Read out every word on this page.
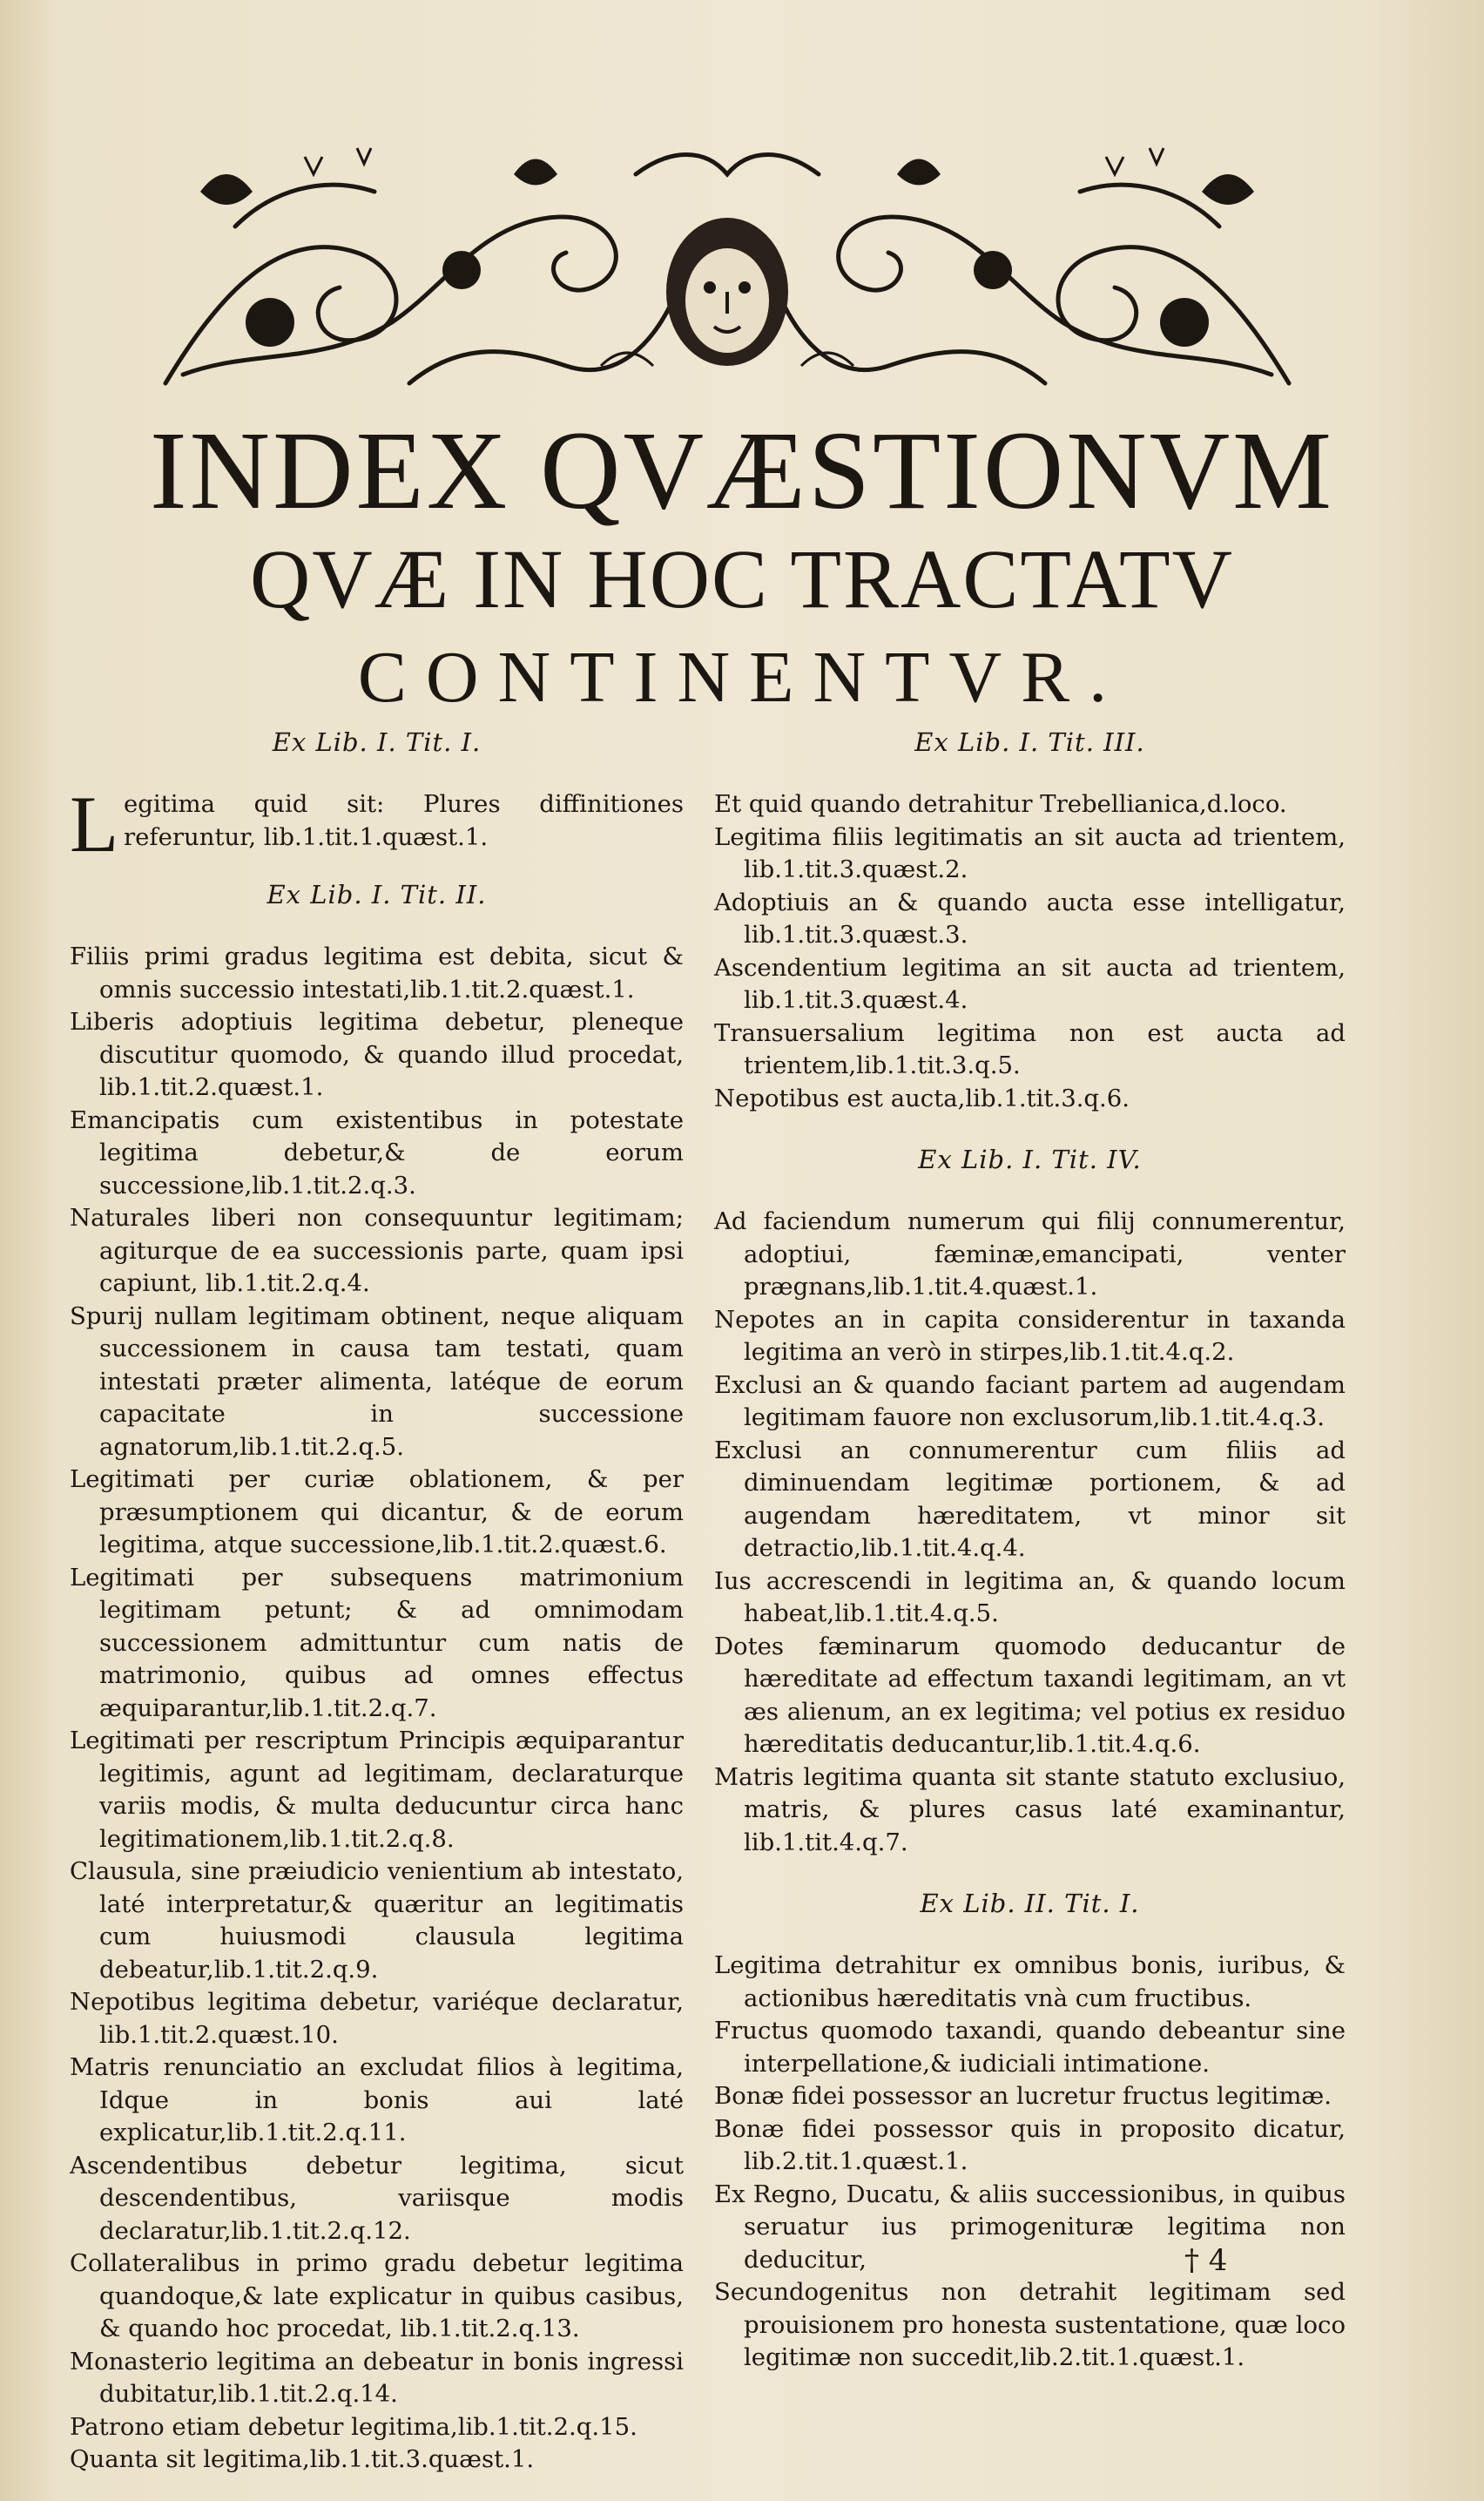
INDEX QVÆSTIONVM
QVÆ IN HOC TRACTATV
CONTINENTVR.
Ex Lib. I. Tit. I.

L egitima quid sit: Plures diffinitiones referuntur, lib.1.tit.1.quæst.1.

Ex Lib. I. Tit. II.

Filiis primi gradus legitima est debita, sicut & omnis successio intestati,lib.1.tit.2.quæst.1.

Liberis adoptiuis legitima debetur, pleneque discutitur quomodo, & quando illud procedat, lib.1.tit.2.quæst.1.

Emancipatis cum existentibus in potestate legitima debetur,& de eorum successione,lib.1.tit.2.q.3.

Naturales liberi non consequuntur legitimam; agiturque de ea successionis parte, quam ipsi capiunt, lib.1.tit.2.q.4.

Spurij nullam legitimam obtinent, neque aliquam successionem in causa tam testati, quam intestati præter alimenta, latéque de eorum capacitate in successione agnatorum,lib.1.tit.2.q.5.

Legitimati per curiæ oblationem, & per præsumptionem qui dicantur, & de eorum legitima, atque successione,lib.1.tit.2.quæst.6.

Legitimati per subsequens matrimonium legitimam petunt; & ad omnimodam successionem admittuntur cum natis de matrimonio, quibus ad omnes effectus æquiparantur,lib.1.tit.2.q.7.

Legitimati per rescriptum Principis æquiparantur legitimis, agunt ad legitimam, declaraturque variis modis, & multa deducuntur circa hanc legitimationem,lib.1.tit.2.q.8.

Clausula, sine præiudicio venientium ab intestato, laté interpretatur,& quæritur an legitimatis cum huiusmodi clausula legitima debeatur,lib.1.tit.2.q.9.

Nepotibus legitima debetur, variéque declaratur, lib.1.tit.2.quæst.10.

Matris renunciatio an excludat filios à legitima, Idque in bonis aui laté explicatur,lib.1.tit.2.q.11.

Ascendentibus debetur legitima, sicut descendentibus, variisque modis declaratur,lib.1.tit.2.q.12.

Collateralibus in primo gradu debetur legitima quandoque,& late explicatur in quibus casibus, & quando hoc procedat, lib.1.tit.2.q.13.

Monasterio legitima an debeatur in bonis ingressi dubitatur,lib.1.tit.2.q.14.

Patrono etiam debetur legitima,lib.1.tit.2.q.15.

Quanta sit legitima,lib.1.tit.3.quæst.1.

Ex Lib. I. Tit. III.

Et quid quando detrahitur Trebellianica,d.loco.

Legitima filiis legitimatis an sit aucta ad trientem, lib.1.tit.3.quæst.2.

Adoptiuis an & quando aucta esse intelligatur, lib.1.tit.3.quæst.3.

Ascendentium legitima an sit aucta ad trientem, lib.1.tit.3.quæst.4.

Transuersalium legitima non est aucta ad trientem,lib.1.tit.3.q.5.

Nepotibus est aucta,lib.1.tit.3.q.6.

Ex Lib. I. Tit. IV.

Ad faciendum numerum qui filij connumerentur, adoptiui, fæminæ,emancipati, venter prægnans,lib.1.tit.4.quæst.1.

Nepotes an in capita considerentur in taxanda legitima an verò in stirpes,lib.1.tit.4.q.2.

Exclusi an & quando faciant partem ad augendam legitimam fauore non exclusorum,lib.1.tit.4.q.3.

Exclusi an connumerentur cum filiis ad diminuendam legitimæ portionem, & ad augendam hæreditatem, vt minor sit detractio,lib.1.tit.4.q.4.

Ius accrescendi in legitima an, & quando locum habeat,lib.1.tit.4.q.5.

Dotes fæminarum quomodo deducantur de hæreditate ad effectum taxandi legitimam, an vt æs alienum, an ex legitima; vel potius ex residuo hæreditatis deducantur,lib.1.tit.4.q.6.

Matris legitima quanta sit stante statuto exclusiuo, matris, & plures casus laté examinantur, lib.1.tit.4.q.7.

Ex Lib. II. Tit. I.

Legitima detrahitur ex omnibus bonis, iuribus, & actionibus hæreditatis vnà cum fructibus.

Fructus quomodo taxandi, quando debeantur sine interpellatione,& iudiciali intimatione.

Bonæ fidei possessor an lucretur fructus legitimæ.

Bonæ fidei possessor quis in proposito dicatur, lib.2.tit.1.quæst.1.

Ex Regno, Ducatu, & aliis successionibus, in quibus seruatur ius primogenituræ legitima non deducitur,

Secundogenitus non detrahit legitimam sed prouisionem pro honesta sustentatione, quæ loco legitimæ non succedit,lib.2.tit.1.quæst.1.

† 4
